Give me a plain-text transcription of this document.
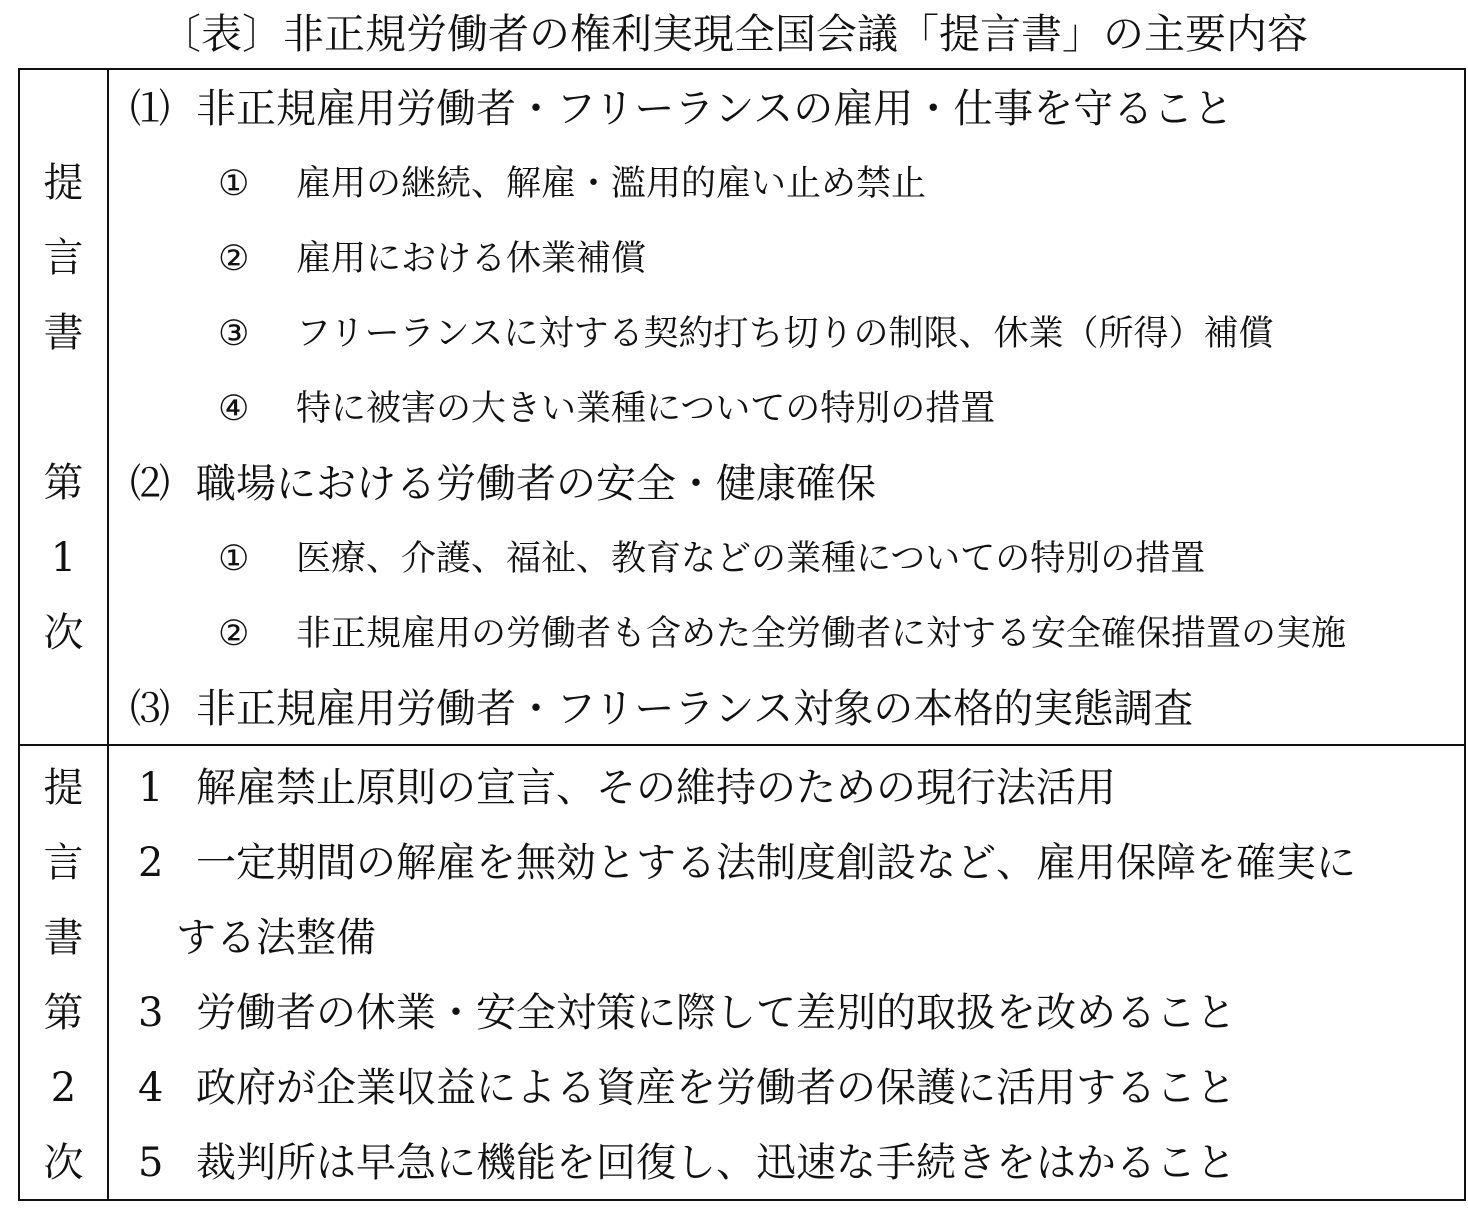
〔表〕非正規労働者の権利実現全国会議「提言書」の主要内容
提
言
書
第
1
次
⑴ 非正規雇用労働者・フリーランスの雇用・仕事を守ること
① 雇用の継続、解雇・濫用的雇い止め禁止
② 雇用における休業補償
③ フリーランスに対する契約打ち切りの制限、休業（所得）補償
④ 特に被害の大きい業種についての特別の措置
⑵ 職場における労働者の安全・健康確保
① 医療、介護、福祉、教育などの業種についての特別の措置
② 非正規雇用の労働者も含めた全労働者に対する安全確保措置の実施
⑶ 非正規雇用労働者・フリーランス対象の本格的実態調査
提
言
書
第
2
次
1 解雇禁止原則の宣言、その維持のための現行法活用
2 一定期間の解雇を無効とする法制度創設など、雇用保障を確実に
する法整備
3 労働者の休業・安全対策に際して差別的取扱を改めること
4 政府が企業収益による資産を労働者の保護に活用すること
5 裁判所は早急に機能を回復し、迅速な手続きをはかること
